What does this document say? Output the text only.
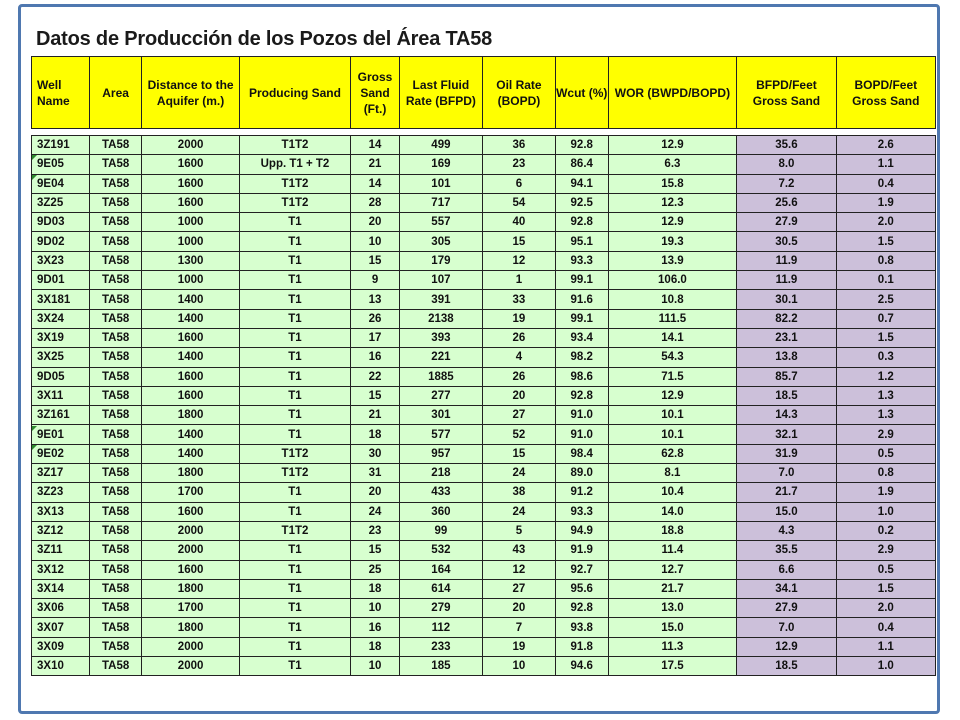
Datos de Producción de los Pozos del Área TA58
Well Name	Area	Distance to the Aquifer (m.)	Producing Sand	Gross Sand (Ft.)	Last Fluid Rate (BFPD)	Oil Rate (BOPD)	Wcut (%)	WOR (BWPD/BOPD)	BFPD/Feet Gross Sand	BOPD/Feet Gross Sand

3Z191	TA58	2000	T1T2	14	499	36	92.8	12.9	35.6	2.6

9E05	TA58	1600	Upp. T1 + T2	21	169	23	86.4	6.3	8.0	1.1

9E04	TA58	1600	T1T2	14	101	6	94.1	15.8	7.2	0.4
3Z25	TA58	1600	T1T2	28	717	54	92.5	12.3	25.6	1.9
9D03	TA58	1000	T1	20	557	40	92.8	12.9	27.9	2.0
9D02	TA58	1000	T1	10	305	15	95.1	19.3	30.5	1.5
3X23	TA58	1300	T1	15	179	12	93.3	13.9	11.9	0.8
9D01	TA58	1000	T1	9	107	1	99.1	106.0	11.9	0.1
3X181	TA58	1400	T1	13	391	33	91.6	10.8	30.1	2.5
3X24	TA58	1400	T1	26	2138	19	99.1	111.5	82.2	0.7
3X19	TA58	1600	T1	17	393	26	93.4	14.1	23.1	1.5
3X25	TA58	1400	T1	16	221	4	98.2	54.3	13.8	0.3
9D05	TA58	1600	T1	22	1885	26	98.6	71.5	85.7	1.2
3X11	TA58	1600	T1	15	277	20	92.8	12.9	18.5	1.3
3Z161	TA58	1800	T1	21	301	27	91.0	10.1	14.3	1.3

9E01	TA58	1400	T1	18	577	52	91.0	10.1	32.1	2.9

9E02	TA58	1400	T1T2	30	957	15	98.4	62.8	31.9	0.5
3Z17	TA58	1800	T1T2	31	218	24	89.0	8.1	7.0	0.8
3Z23	TA58	1700	T1	20	433	38	91.2	10.4	21.7	1.9
3X13	TA58	1600	T1	24	360	24	93.3	14.0	15.0	1.0
3Z12	TA58	2000	T1T2	23	99	5	94.9	18.8	4.3	0.2
3Z11	TA58	2000	T1	15	532	43	91.9	11.4	35.5	2.9
3X12	TA58	1600	T1	25	164	12	92.7	12.7	6.6	0.5
3X14	TA58	1800	T1	18	614	27	95.6	21.7	34.1	1.5
3X06	TA58	1700	T1	10	279	20	92.8	13.0	27.9	2.0
3X07	TA58	1800	T1	16	112	7	93.8	15.0	7.0	0.4
3X09	TA58	2000	T1	18	233	19	91.8	11.3	12.9	1.1
3X10	TA58	2000	T1	10	185	10	94.6	17.5	18.5	1.0
